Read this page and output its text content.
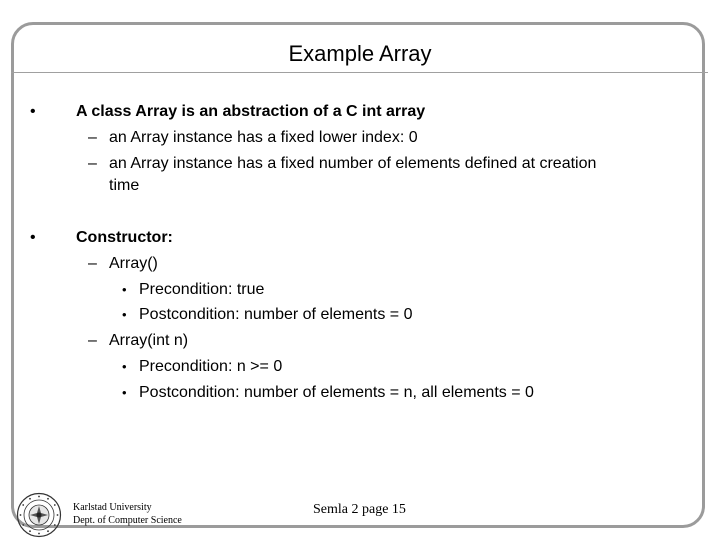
Example Array
•	A class Array is an abstraction of a C int array
– an Array instance has a fixed lower index: 0
– an Array instance has a fixed number of elements defined at creation
time
•	Constructor:
– Array()
• Precondition: true
• Postcondition: number of elements = 0
– Array(int n)
• Precondition: n >= 0
• Postcondition: number of elements = n, all elements = 0
Karlstad University
Dept. of Computer Science
Semla 2 page 15
